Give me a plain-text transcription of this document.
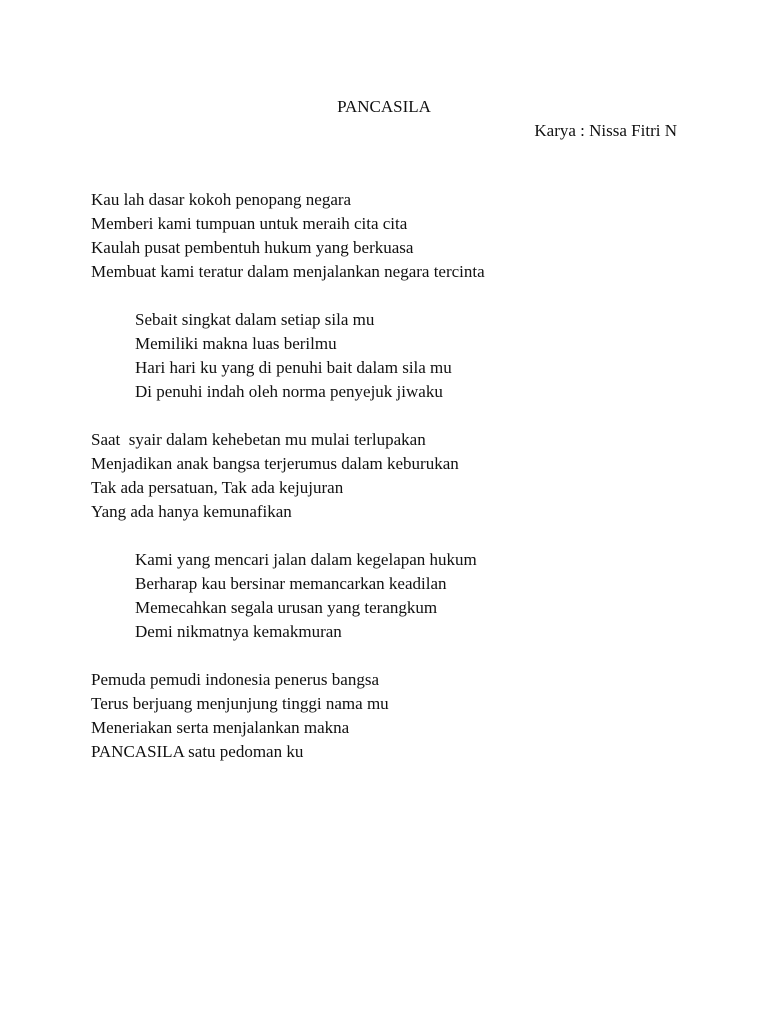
PANCASILA
Karya : Nissa Fitri N
Kau lah dasar kokoh penopang negara
Memberi kami tumpuan untuk meraih cita cita
Kaulah pusat pembentuh hukum yang berkuasa
Membuat kami teratur dalam menjalankan negara tercinta
Sebait singkat dalam setiap sila mu
Memiliki makna luas berilmu
Hari hari ku yang di penuhi bait dalam sila mu
Di penuhi indah oleh norma penyejuk jiwaku
Saat  syair dalam kehebetan mu mulai terlupakan
Menjadikan anak bangsa terjerumus dalam keburukan
Tak ada persatuan, Tak ada kejujuran
Yang ada hanya kemunafikan
Kami yang mencari jalan dalam kegelapan hukum
Berharap kau bersinar memancarkan keadilan
Memecahkan segala urusan yang terangkum
Demi nikmatnya kemakmuran
Pemuda pemudi indonesia penerus bangsa
Terus berjuang menjunjung tinggi nama mu
Meneriakan serta menjalankan makna
PANCASILA satu pedoman ku
